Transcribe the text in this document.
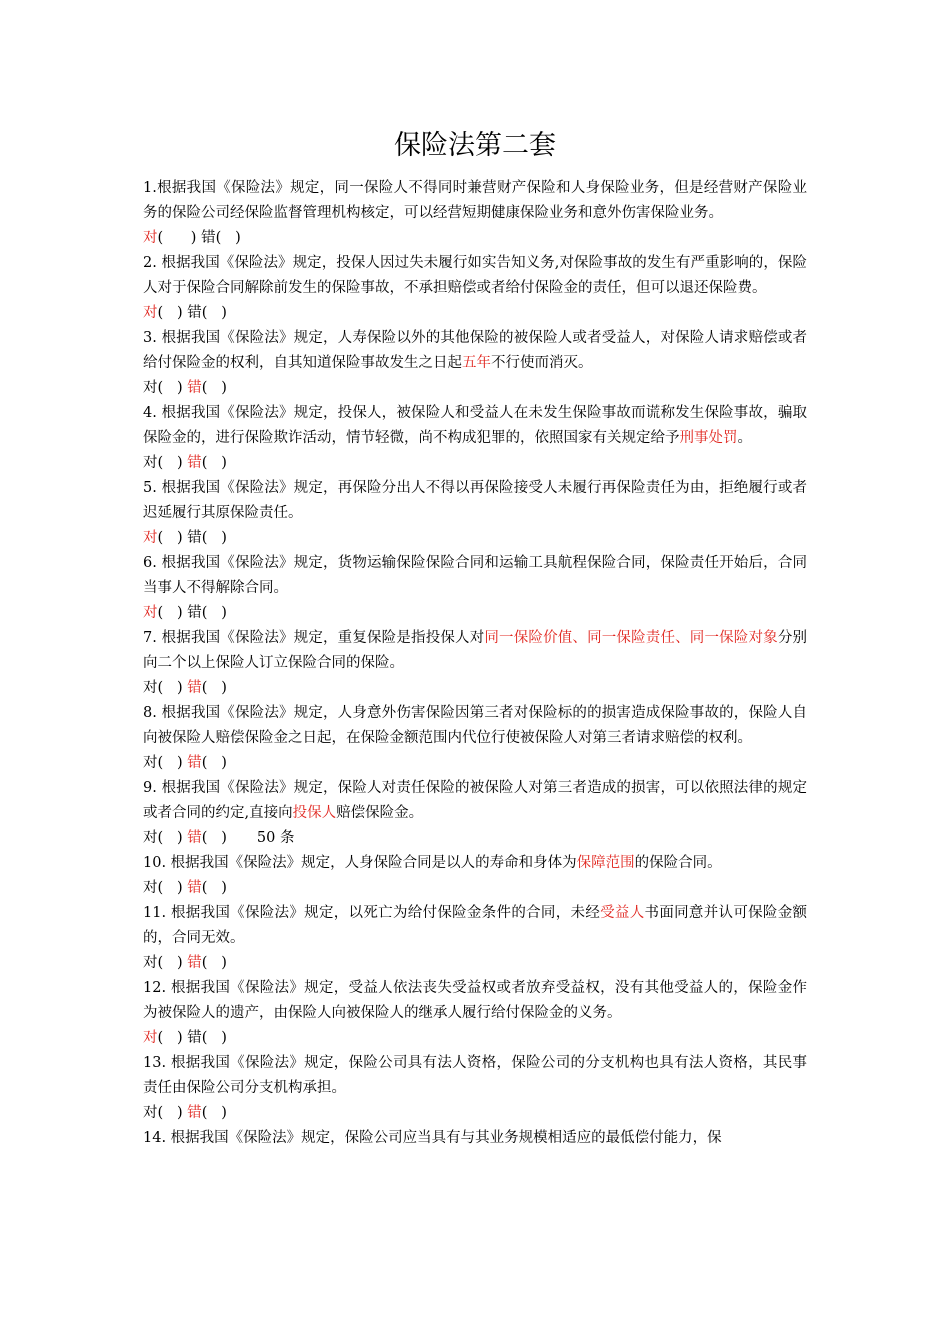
保险法第二套

1.根据我国《保险法》规定，同一保险人不得同时兼营财产保险和人身保险业务，但是经营财产保险业务的保险公司经保险监督管理机构核定，可以经营短期健康保险业务和意外伤害保险业务。

对(      ) 错(   )

2. 根据我国《保险法》规定，投保人因过失未履行如实告知义务,对保险事故的发生有严重影响的，保险人对于保险合同解除前发生的保险事故，不承担赔偿或者给付保险金的责任，但可以退还保险费。

对(   ) 错(   )

3. 根据我国《保险法》规定，人寿保险以外的其他保险的被保险人或者受益人，对保险人请求赔偿或者给付保险金的权利，自其知道保险事故发生之日起五年不行使而消灭。

对(   ) 错(   )

4. 根据我国《保险法》规定，投保人，被保险人和受益人在未发生保险事故而谎称发生保险事故，骗取保险金的，进行保险欺诈活动，情节轻微，尚不构成犯罪的，依照国家有关规定给予刑事处罚。

对(   ) 错(   )

5. 根据我国《保险法》规定，再保险分出人不得以再保险接受人未履行再保险责任为由，拒绝履行或者迟延履行其原保险责任。

对(   ) 错(   )

6. 根据我国《保险法》规定，货物运输保险保险合同和运输工具航程保险合同，保险责任开始后，合同当事人不得解除合同。

对(   ) 错(   )

7. 根据我国《保险法》规定，重复保险是指投保人对同一保险价值、同一保险责任、同一保险对象分别向二个以上保险人订立保险合同的保险。

对(   ) 错(   )

8. 根据我国《保险法》规定，人身意外伤害保险因第三者对保险标的的损害造成保险事故的，保险人自向被保险人赔偿保险金之日起，在保险金额范围内代位行使被保险人对第三者请求赔偿的权利。

对(   ) 错(   )

9. 根据我国《保险法》规定，保险人对责任保险的被保险人对第三者造成的损害，可以依照法律的规定或者合同的约定,直接向投保人赔偿保险金。

对(   ) 错(   ) 50 条

10. 根据我国《保险法》规定，人身保险合同是以人的寿命和身体为保障范围的保险合同。

对(   ) 错(   )

11. 根据我国《保险法》规定，以死亡为给付保险金条件的合同，未经受益人书面同意并认可保险金额的，合同无效。

对(   ) 错(   )

12. 根据我国《保险法》规定，受益人依法丧失受益权或者放弃受益权，没有其他受益人的，保险金作为被保险人的遗产，由保险人向被保险人的继承人履行给付保险金的义务。

对(   ) 错(   )

13. 根据我国《保险法》规定，保险公司具有法人资格，保险公司的分支机构也具有法人资格，其民事责任由保险公司分支机构承担。

对(   ) 错(   )

14. 根据我国《保险法》规定，保险公司应当具有与其业务规模相适应的最低偿付能力，保
